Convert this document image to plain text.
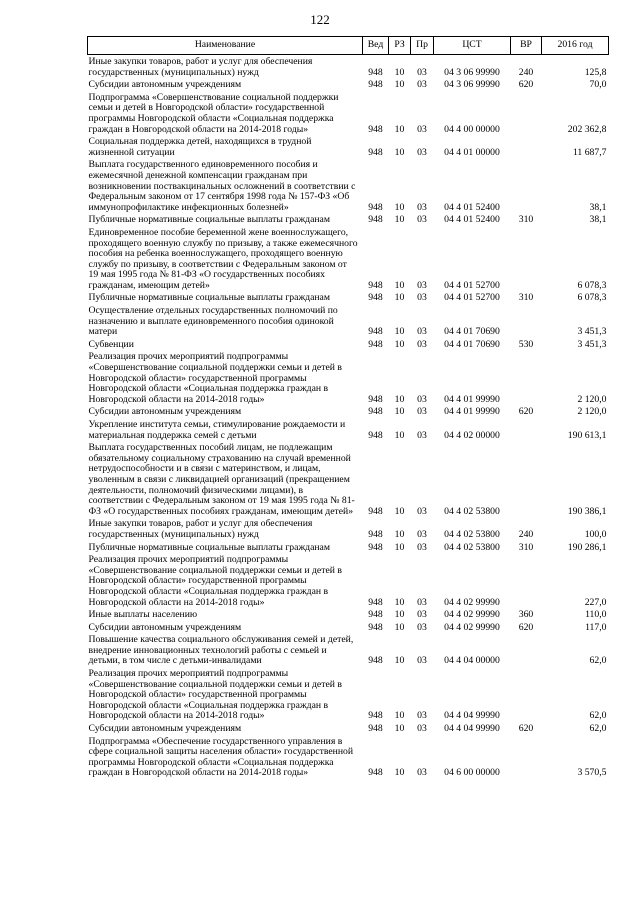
122
Наименование	Вед	РЗ	Пр	ЦСТ	ВР	2016 год
Иные закупки товаров, работ и услуг для обеспечения государственных (муниципальных) нужд	948	10	03	04 3 06 99990	240	125,8
Субсидии автономным учреждениям	948	10	03	04 3 06 99990	620	70,0
Подпрограмма «Совершенствование социальной поддержки семьи и детей в Новгородской области» государственной программы Новгородской области «Социальная поддержка граждан в Новгородской области на 2014-2018 годы»	948	10	03	04 4 00 00000		202 362,8
Социальная поддержка детей, находящихся в трудной жизненной ситуации	948	10	03	04 4 01 00000		11 687,7
Выплата государственного единовременного пособия и ежемесячной денежной компенсации гражданам при возникновении поствакцинальных осложнений в соответствии с Федеральным законом от 17 сентября 1998 года № 157-ФЗ «Об иммунопрофилактике инфекционных болезней»	948	10	03	04 4 01 52400		38,1
Публичные нормативные социальные выплаты гражданам	948	10	03	04 4 01 52400	310	38,1
Единовременное пособие беременной жене военнослужащего, проходящего военную службу по призыву, а также ежемесячного пособия на ребенка военнослужащего, проходящего военную службу по призыву, в соответствии с Федеральным законом от 19 мая 1995 года № 81-ФЗ «О государственных пособиях гражданам, имеющим детей»	948	10	03	04 4 01 52700		6 078,3
Публичные нормативные социальные выплаты гражданам	948	10	03	04 4 01 52700	310	6 078,3
Осуществление отдельных государственных полномочий по назначению и выплате единовременного пособия одинокой матери	948	10	03	04 4 01 70690		3 451,3
Субвенции	948	10	03	04 4 01 70690	530	3 451,3
Реализация прочих мероприятий подпрограммы «Совершенствование социальной поддержки семьи и детей в Новгородской области» государственной программы Новгородской области «Социальная поддержка граждан в Новгородской области на 2014-2018 годы»	948	10	03	04 4 01 99990		2 120,0
Субсидии автономным учреждениям	948	10	03	04 4 01 99990	620	2 120,0
Укрепление института семьи, стимулирование рождаемости и материальная поддержка семей с детьми	948	10	03	04 4 02 00000		190 613,1
Выплата государственных пособий лицам, не подлежащим обязательному социальному страхованию на случай временной нетрудоспособности и в связи с материнством, и лицам, уволенным в связи с ликвидацией организаций (прекращением деятельности, полномочий физическими лицами), в соответствии с Федеральным законом от 19 мая 1995 года № 81-ФЗ «О государственных пособиях гражданам, имеющим детей»	948	10	03	04 4 02 53800		190 386,1
Иные закупки товаров, работ и услуг для обеспечения государственных (муниципальных) нужд	948	10	03	04 4 02 53800	240	100,0
Публичные нормативные социальные выплаты гражданам	948	10	03	04 4 02 53800	310	190 286,1
Реализация прочих мероприятий подпрограммы «Совершенствование социальной поддержки семьи и детей в Новгородской области» государственной программы Новгородской области «Социальная поддержка граждан в Новгородской области на 2014-2018 годы»	948	10	03	04 4 02 99990		227,0
Иные выплаты населению	948	10	03	04 4 02 99990	360	110,0
Субсидии автономным учреждениям	948	10	03	04 4 02 99990	620	117,0
Повышение качества социального обслуживания семей и детей, внедрение инновационных технологий работы с семьей и детьми, в том числе с детьми-инвалидами	948	10	03	04 4 04 00000		62,0
Реализация прочих мероприятий подпрограммы «Совершенствование социальной поддержки семьи и детей в Новгородской области» государственной программы Новгородской области «Социальная поддержка граждан в Новгородской области на 2014-2018 годы»	948	10	03	04 4 04 99990		62,0
Субсидии автономным учреждениям	948	10	03	04 4 04 99990	620	62,0
Подпрограмма «Обеспечение государственного управления в сфере социальной защиты населения области» государственной программы Новгородской области «Социальная поддержка граждан в Новгородской области на 2014-2018 годы»	948	10	03	04 6 00 00000		3 570,5
